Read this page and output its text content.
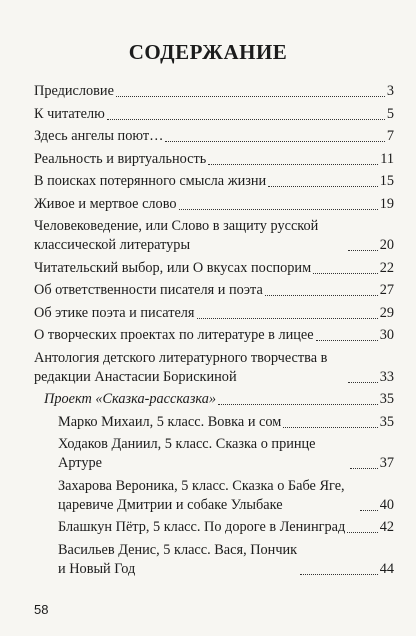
СОДЕРЖАНИЕ
Предисловие	3
К читателю	5
Здесь ангелы поют…	7
Реальность и виртуальность	11
В поисках потерянного смысла жизни	15
Живое и мертвое слово	19
Человековедение, или Слово в защиту русской классической литературы	20
Читательский выбор, или О вкусах поспорим	22
Об ответственности писателя и поэта	27
Об этике поэта и писателя	29
О творческих проектах по литературе в лицее	30
Антология детского литературного творчества в редакции Анастасии Борискиной	33
Проект «Сказка-рассказка»	35
Марко Михаил, 5 класс. Вовка и сом	35
Ходаков Даниил, 5 класс. Сказка о принце Артуре	37
Захарова Вероника, 5 класс. Сказка о Бабе Яге, царевиче Дмитрии и собаке Улыбаке	40
Блашкун Пётр, 5 класс. По дороге в Ленинград 42
Васильев Денис, 5 класс. Вася, Пончик и Новый Год	44
58
